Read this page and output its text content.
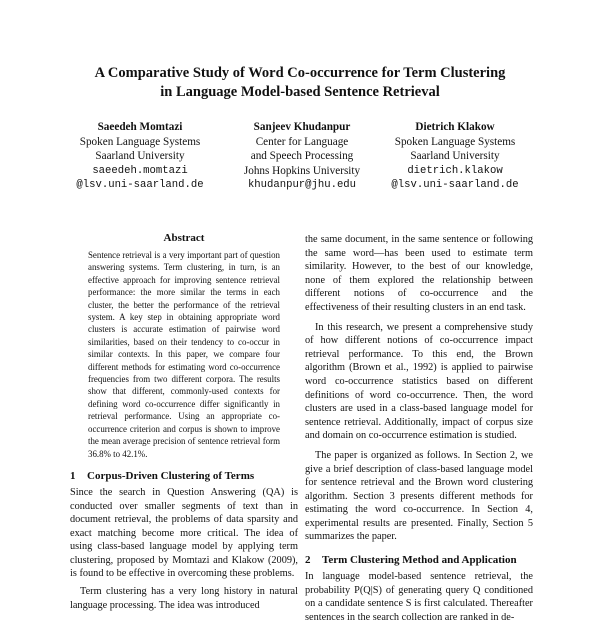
A Comparative Study of Word Co-occurrence for Term Clustering
in Language Model-based Sentence Retrieval
Saeedeh Momtazi
Spoken Language Systems
Saarland University
saeedeh.momtazi
@lsv.uni-saarland.de
Sanjeev Khudanpur
Center for Language
and Speech Processing
Johns Hopkins University
khudanpur@jhu.edu
Dietrich Klakow
Spoken Language Systems
Saarland University
dietrich.klakow
@lsv.uni-saarland.de
Abstract
Sentence retrieval is a very important part of question answering systems. Term clustering, in turn, is an effective approach for improving sentence retrieval performance: the more similar the terms in each cluster, the better the performance of the retrieval system. A key step in obtaining appropriate word clusters is accurate estimation of pairwise word similarities, based on their tendency to co-occur in similar contexts. In this paper, we compare four different methods for estimating word co-occurrence frequencies from two different corpora. The results show that different, commonly-used contexts for defining word co-occurrence differ significantly in retrieval performance. Using an appropriate co-occurrence criterion and corpus is shown to improve the mean average precision of sentence retrieval form 36.8% to 42.1%.
1 Corpus-Driven Clustering of Terms

Since the search in Question Answering (QA) is conducted over smaller segments of text than in document retrieval, the problems of data sparsity and exact matching become more critical. The idea of using class-based language model by applying term clustering, proposed by Momtazi and Klakow (2009), is found to be effective in overcoming these problems.

Term clustering has a very long history in natural language processing. The idea was introduced

the same document, in the same sentence or following the same word—has been used to estimate term similarity. However, to the best of our knowledge, none of them explored the relationship between different notions of co-occurrence and the effectiveness of their resulting clusters in an end task.

In this research, we present a comprehensive study of how different notions of co-occurrence impact retrieval performance. To this end, the Brown algorithm (Brown et al., 1992) is applied to pairwise word co-occurrence statistics based on different definitions of word co-occurrence. Then, the word clusters are used in a class-based language model for sentence retrieval. Additionally, impact of corpus size and domain on co-occurrence estimation is studied.

The paper is organized as follows. In Section 2, we give a brief description of class-based language model for sentence retrieval and the Brown word clustering algorithm. Section 3 presents different methods for estimating the word co-occurrence. In Section 4, experimental results are presented. Finally, Section 5 summarizes the paper.

2 Term Clustering Method and Application

In language model-based sentence retrieval, the probability P(Q|S) of generating query Q conditioned on a candidate sentence S is first calculated. Thereafter sentences in the search collection are ranked in de-
